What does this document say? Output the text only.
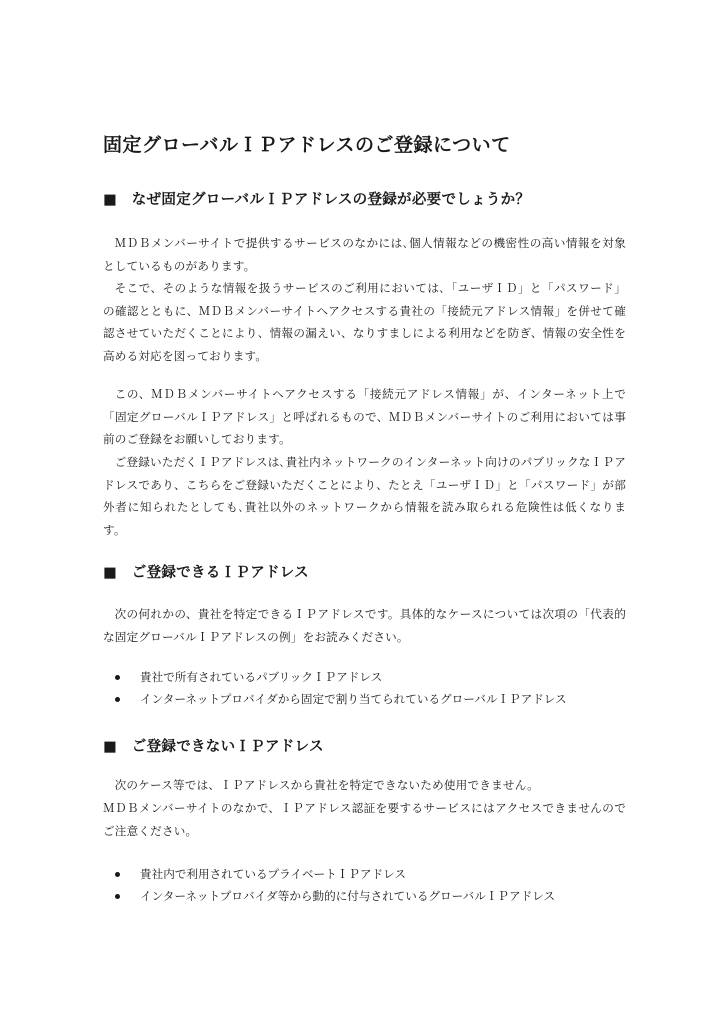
固定グローバルＩＰアドレスのご登録について
■　なぜ固定グローバルＩＰアドレスの登録が必要でしょうか？

ＭＤＢメンバーサイトで提供するサービスのなかには､個人情報などの機密性の高い情報を対象としているものがあります。

そこで、そのような情報を扱うサービスのご利用においては､「ユーザＩＤ」と「パスワード」の確認とともに、ＭＤＢメンバーサイトへアクセスする貴社の「接続元アドレス情報」を併せて確認させていただくことにより、情報の漏えい、なりすましによる利用などを防ぎ、情報の安全性を高める対応を図っております。

この、ＭＤＢメンバーサイトへアクセスする「接続元アドレス情報」が、インターネット上で「固定グローバルＩＰアドレス」と呼ばれるもので、ＭＤＢメンバーサイトのご利用においては事前のご登録をお願いしております。

ご登録いただくＩＰアドレスは､貴社内ネットワークのインターネット向けのパブリックなＩＰアドレスであり、こちらをご登録いただくことにより、たとえ「ユーザＩＤ」と「パスワード」が部外者に知られたとしても､貴社以外のネットワークから情報を読み取られる危険性は低くなります。

■　ご登録できるＩＰアドレス

次の何れかの、貴社を特定できるＩＰアドレスです。具体的なケースについては次項の「代表的な固定グローバルＩＰアドレスの例」をお読みください。

貴社で所有されているパブリックＩＰアドレス
インターネットプロバイダから固定で割り当てられているグローバルＩＰアドレス
■　ご登録できないＩＰアドレス

次のケース等では、ＩＰアドレスから貴社を特定できないため使用できません。

ＭＤＢメンバーサイトのなかで、ＩＰアドレス認証を要するサービスにはアクセスできませんのでご注意ください。

貴社内で利用されているプライベートＩＰアドレス
インターネットプロバイダ等から動的に付与されているグローバルＩＰアドレス
